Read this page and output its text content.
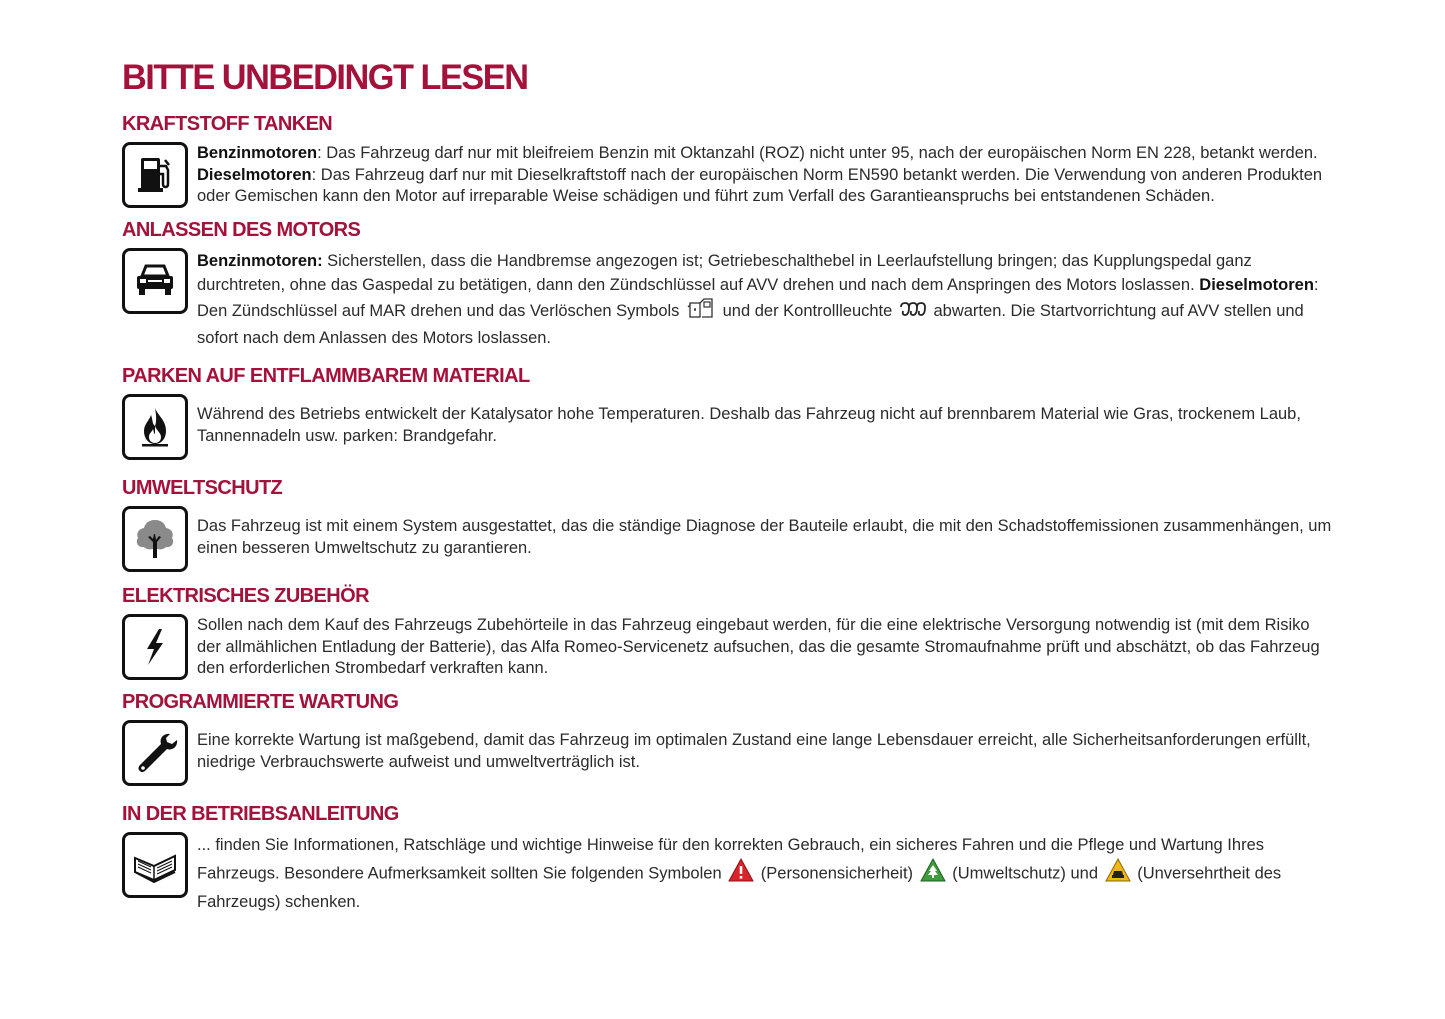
BITTE UNBEDINGT LESEN
KRAFTSTOFF TANKEN
Benzinmotoren: Das Fahrzeug darf nur mit bleifreiem Benzin mit Oktanzahl (ROZ) nicht unter 95, nach der europäischen Norm EN 228, betankt werden.
Dieselmotoren: Das Fahrzeug darf nur mit Dieselkraftstoff nach der europäischen Norm EN590 betankt werden. Die Verwendung von anderen Produkten oder Gemischen kann den Motor auf irreparable Weise schädigen und führt zum Verfall des Garantieanspruchs bei entstandenen Schäden.
ANLASSEN DES MOTORS
Benzinmotoren: Sicherstellen, dass die Handbremse angezogen ist; Getriebeschalthebel in Leerlaufstellung bringen; das Kupplungspedal ganz durchtreten, ohne das Gaspedal zu betätigen, dann den Zündschlüssel auf AVV drehen und nach dem Anspringen des Motors loslassen. Dieselmotoren: Den Zündschlüssel auf MAR drehen und das Verlöschen Symbols  und der Kontrollleuchte  abwarten. Die Startvorrichtung auf AVV stellen und sofort nach dem Anlassen des Motors loslassen.
PARKEN AUF ENTFLAMMBAREM MATERIAL
Während des Betriebs entwickelt der Katalysator hohe Temperaturen. Deshalb das Fahrzeug nicht auf brennbarem Material wie Gras, trockenem Laub, Tannennadeln usw. parken: Brandgefahr.
UMWELTSCHUTZ
Das Fahrzeug ist mit einem System ausgestattet, das die ständige Diagnose der Bauteile erlaubt, die mit den Schadstoffemissionen zusammenhängen, um einen besseren Umweltschutz zu garantieren.
ELEKTRISCHES ZUBEHÖR
Sollen nach dem Kauf des Fahrzeugs Zubehörteile in das Fahrzeug eingebaut werden, für die eine elektrische Versorgung notwendig ist (mit dem Risiko der allmählichen Entladung der Batterie), das Alfa Romeo-Servicenetz aufsuchen, das die gesamte Stromaufnahme prüft und abschätzt, ob das Fahrzeug den erforderlichen Strombedarf verkraften kann.
PROGRAMMIERTE WARTUNG
Eine korrekte Wartung ist maßgebend, damit das Fahrzeug im optimalen Zustand eine lange Lebensdauer erreicht, alle Sicherheitsanforderungen erfüllt, niedrige Verbrauchswerte aufweist und umweltverträglich ist.
IN DER BETRIEBSANLEITUNG
... finden Sie Informationen, Ratschläge und wichtige Hinweise für den korrekten Gebrauch, ein sicheres Fahren und die Pflege und Wartung Ihres Fahrzeugs. Besondere Aufmerksamkeit sollten Sie folgenden Symbolen  (Personensicherheit)  (Umweltschutz) und  (Unversehrtheit des Fahrzeugs) schenken.
